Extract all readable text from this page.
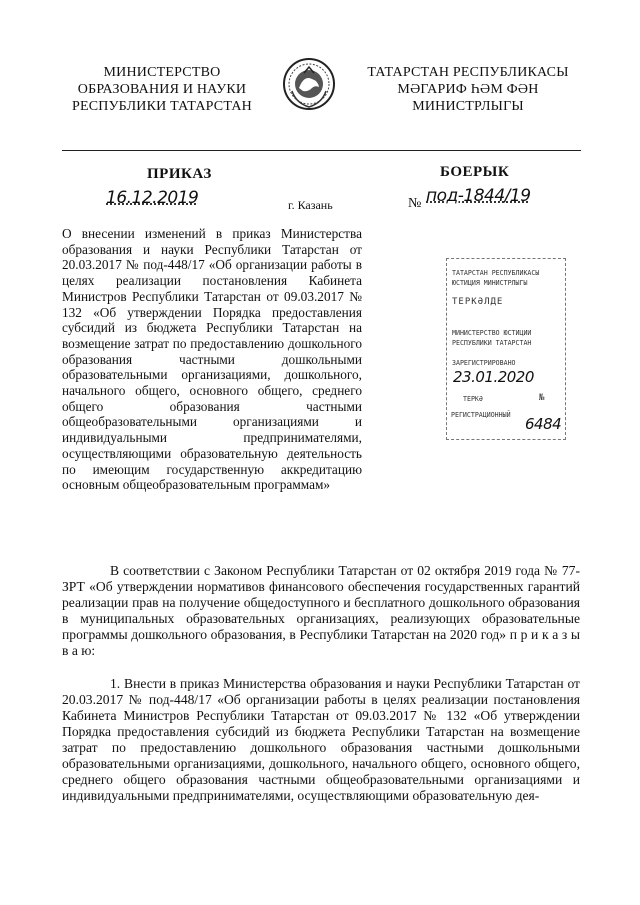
МИНИСТЕРСТВО
ОБРАЗОВАНИЯ И НАУКИ
РЕСПУБЛИКИ ТАТАРСТАН
ТАТАРСТАН РЕСПУБЛИКАСЫ
МӘГАРИФ ҺӘМ ФӘН
МИНИСТРЛЫГЫ
ПРИКАЗ	БОЕРЫК
16.12.2019	г. Казань	№ под-1844/19

О внесении изменений в приказ Министерства образования и науки Республики Татарстан от 20.03.2017 № под-448/17 «Об организации работы в целях реализации постановления Кабинета Министров Республики Татарстан от 09.03.2017 № 132 «Об утверждении Порядка предоставления субсидий из бюджета Республики Татарстан на возмещение затрат по предоставлению дошкольного образования частными дошкольными образовательными организациями, дошкольного, начального общего, основного общего, среднего общего образования частными общеобразовательными организациями и индивидуальными предпринимателями, осуществляющими образовательную деятельность по имеющим государственную аккредитацию основным общеобразовательным программам»

ТАТАРСТАН РЕСПУБЛИКАСЫ
ЮСТИЦИЯ МИНИСТРЛЫГЫ
ТЕРКӘЛДЕ
МИНИСТЕРСТВО ЮСТИЦИИ
РЕСПУБЛИКИ ТАТАРСТАН
ЗАРЕГИСТРИРОВАНО
23.01.2020
ТЕРКӘ	№
РЕГИСТРАЦИОННЫЙ 6484

В соответствии с Законом Республики Татарстан от 02 октября 2019 года № 77-ЗРТ «Об утверждении нормативов финансового обеспечения государственных гарантий реализации прав на получение общедоступного и бесплатного дошкольного образования в муниципальных образовательных организациях, реализующих образовательные программы дошкольного образования, в Республики Татарстан на 2020 год» п р и к а з ы в а ю:

1. Внести в приказ Министерства образования и науки Республики Татарстан от 20.03.2017 № под-448/17 «Об организации работы в целях реализации постановления Кабинета Министров Республики Татарстан от 09.03.2017 № 132 «Об утверждении Порядка предоставления субсидий из бюджета Республики Татарстан на возмещение затрат по предоставлению дошкольного образования частными дошкольными образовательными организациями, дошкольного, начального общего, основного общего, среднего общего образования частными общеобразовательными организациями и индивидуальными предпринимателями, осуществляющими образовательную дея-
